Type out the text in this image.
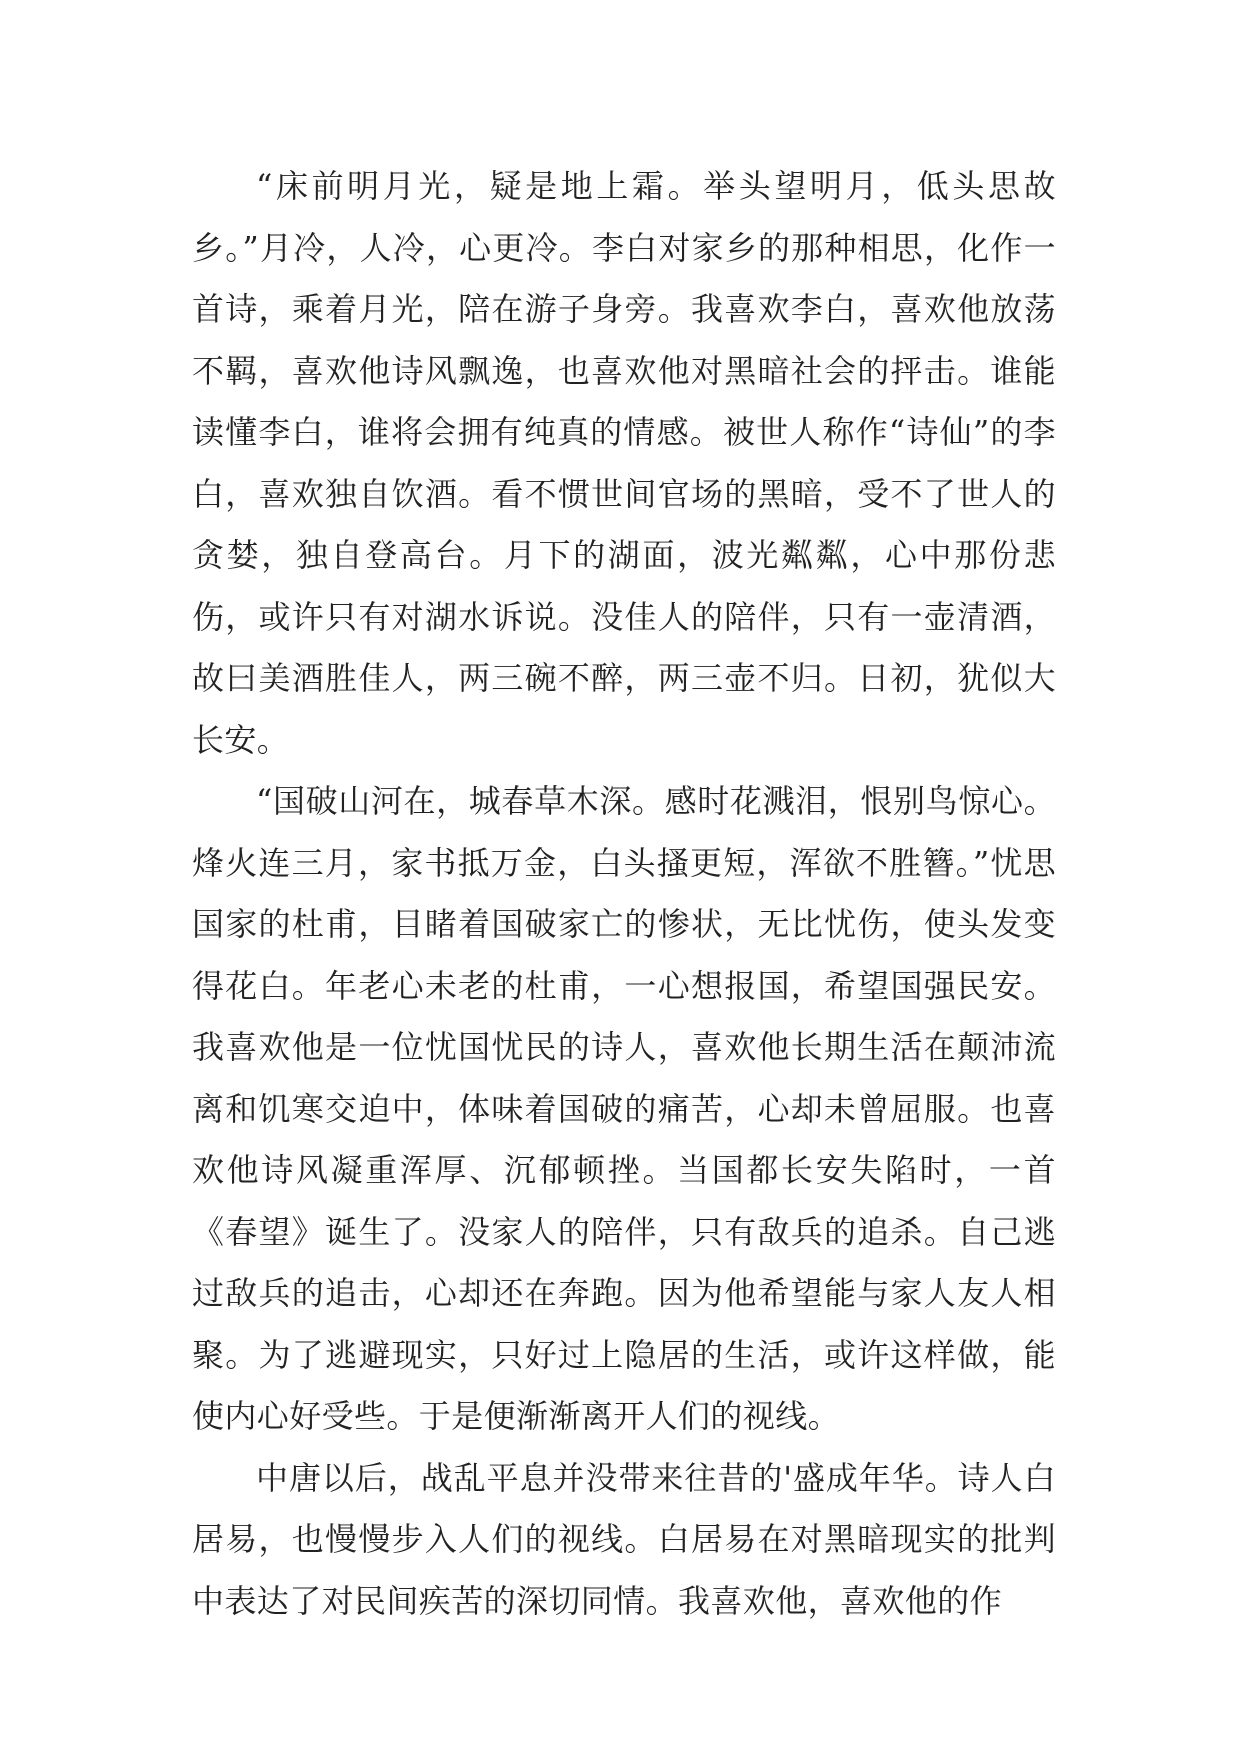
“床前明月光，疑是地上霜。举头望明月，低头思故乡。”月冷，人冷，心更冷。李白对家乡的那种相思，化作一首诗，乘着月光，陪在游子身旁。我喜欢李白，喜欢他放荡不羁，喜欢他诗风飘逸，也喜欢他对黑暗社会的抨击。谁能读懂李白，谁将会拥有纯真的情感。被世人称作“诗仙”的李白，喜欢独自饮酒。看不惯世间官场的黑暗，受不了世人的贪婪，独自登高台。月下的湖面，波光粼粼，心中那份悲伤，或许只有对湖水诉说。没佳人的陪伴，只有一壶清酒，故曰美酒胜佳人，两三碗不醉，两三壶不归。日初，犹似大长安。

“国破山河在，城春草木深。感时花溅泪，恨别鸟惊心。烽火连三月，家书抵万金，白头搔更短，浑欲不胜簪。”忧思国家的杜甫，目睹着国破家亡的惨状，无比忧伤，使头发变得花白。年老心未老的杜甫，一心想报国，希望国强民安。我喜欢他是一位忧国忧民的诗人，喜欢他长期生活在颠沛流离和饥寒交迫中，体味着国破的痛苦，心却未曾屈服。也喜欢他诗风凝重浑厚、沉郁顿挫。当国都长安失陷时，一首《春望》诞生了。没家人的陪伴，只有敌兵的追杀。自己逃过敌兵的追击，心却还在奔跑。因为他希望能与家人友人相聚。为了逃避现实，只好过上隐居的生活，或许这样做，能使内心好受些。于是便渐渐离开人们的视线。

中唐以后，战乱平息并没带来往昔的'盛成年华。诗人白居易，也慢慢步入人们的视线。白居易在对黑暗现实的批判中表达了对民间疾苦的深切同情。我喜欢他，喜欢他的作
